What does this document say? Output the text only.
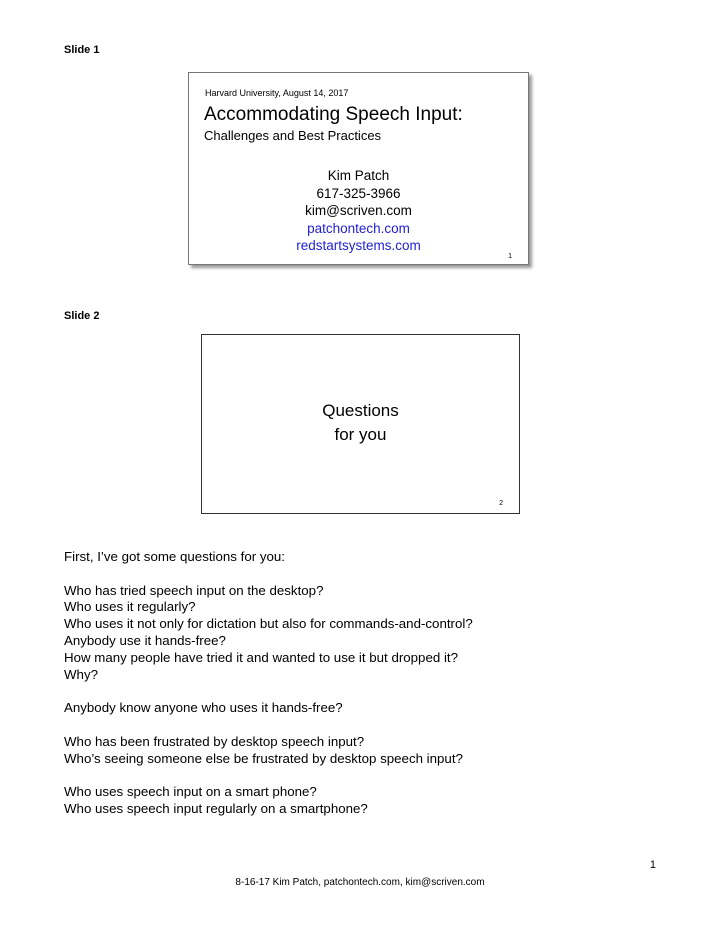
Slide 1
Harvard University, August 14, 2017
Accommodating Speech Input:
Challenges and Best Practices
Kim Patch
617-325-3966
kim@scriven.com
patchontech.com
redstartsystems.com
1
Slide 2
Questions
for you
2
First, I’ve got some questions for you:
Who has tried speech input on the desktop?
Who uses it regularly?
Who uses it not only for dictation but also for commands-and-control?
Anybody use it hands-free?
How many people have tried it and wanted to use it but dropped it?
Why?
Anybody know anyone who uses it hands-free?
Who has been frustrated by desktop speech input?
Who’s seeing someone else be frustrated by desktop speech input?
Who uses speech input on a smart phone?
Who uses speech input regularly on a smartphone?
1
8-16-17 Kim Patch, patchontech.com, kim@scriven.com
